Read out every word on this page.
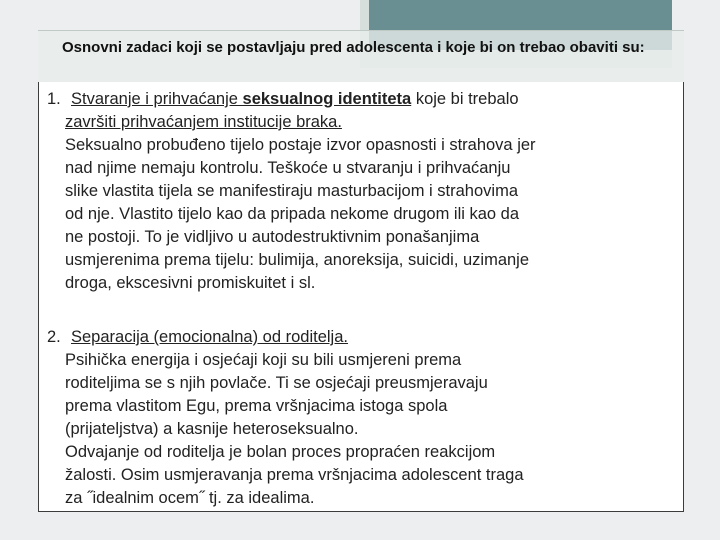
Osnovni zadaci koji se postavljaju pred adolescenta i koje bi on trebao obaviti su:

1. Stvaranje i prihvaćanje seksualnog identiteta koje bi trebalo

završiti prihvaćanjem institucije braka.

Seksualno probuđeno tijelo postaje izvor opasnosti i strahova jer

nad njime nemaju kontrolu. Teškoće u stvaranju i prihvaćanju

slike vlastita tijela se manifestiraju masturbacijom i strahovima

od nje. Vlastito tijelo kao da pripada nekome drugom ili kao da

ne postoji. To je vidljivo u autodestruktivnim ponašanjima

usmjerenima prema tijelu: bulimija, anoreksija, suicidi, uzimanje

droga, ekscesivni promiskuitet i sl.

2. Separacija (emocionalna) od roditelja.

Psihička energija i osjećaji koji su bili usmjereni prema

roditeljima se s njih povlače. Ti se osjećaji preusmjeravaju

prema vlastitom Egu, prema vršnjacima istoga spola

(prijateljstva) a kasnije heteroseksualno.

Odvajanje od roditelja je bolan proces propraćen reakcijom

žalosti. Osim usmjeravanja prema vršnjacima adolescent traga

za ˝idealnim ocem˝ tj. za idealima.
